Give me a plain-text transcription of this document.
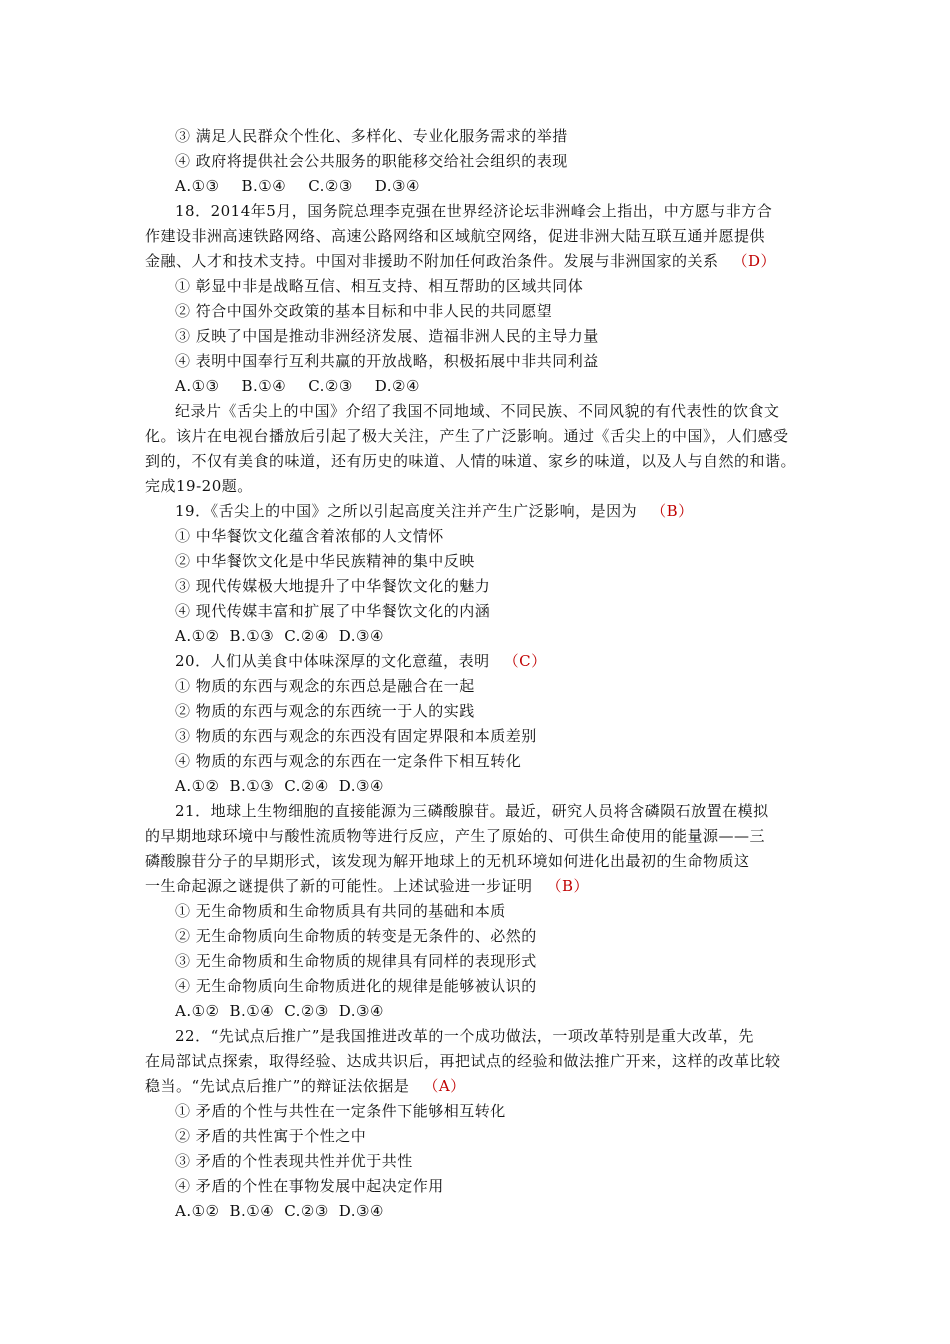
③ 满足人民群众个性化、多样化、专业化服务需求的举措
④ 政府将提供社会公共服务的职能移交给社会组织的表现
A.①③ B.①④ C.②③ D.③④
18．2014年5月，国务院总理李克强在世界经济论坛非洲峰会上指出，中方愿与非方合
作建设非洲高速铁路网络、高速公路网络和区域航空网络，促进非洲大陆互联互通并愿提供
金融、人才和技术支持。中国对非援助不附加任何政治条件。发展与非洲国家的关系 （D）
① 彰显中非是战略互信、相互支持、相互帮助的区域共同体
② 符合中国外交政策的基本目标和中非人民的共同愿望
③ 反映了中国是推动非洲经济发展、造福非洲人民的主导力量
④ 表明中国奉行互利共赢的开放战略，积极拓展中非共同利益
A.①③ B.①④ C.②③ D.②④
纪录片《舌尖上的中国》介绍了我国不同地域、不同民族、不同风貌的有代表性的饮食文
化。该片在电视台播放后引起了极大关注，产生了广泛影响。通过《舌尖上的中国》，人们感受
到的，不仅有美食的味道，还有历史的味道、人情的味道、家乡的味道，以及人与自然的和谐。
完成19-20题。
19．《舌尖上的中国》之所以引起高度关注并产生广泛影响，是因为 （B）
① 中华餐饮文化蕴含着浓郁的人文情怀
② 中华餐饮文化是中华民族精神的集中反映
③ 现代传媒极大地提升了中华餐饮文化的魅力
④ 现代传媒丰富和扩展了中华餐饮文化的内涵
A.①② B.①③ C.②④ D.③④
20．人们从美食中体味深厚的文化意蕴，表明 （C）
① 物质的东西与观念的东西总是融合在一起
② 物质的东西与观念的东西统一于人的实践
③ 物质的东西与观念的东西没有固定界限和本质差别
④ 物质的东西与观念的东西在一定条件下相互转化
A.①② B.①③ C.②④ D.③④
21．地球上生物细胞的直接能源为三磷酸腺苷。最近，研究人员将含磷陨石放置在模拟
的早期地球环境中与酸性流质物等进行反应，产生了原始的、可供生命使用的能量源——三
磷酸腺苷分子的早期形式，该发现为解开地球上的无机环境如何进化出最初的生命物质这
一生命起源之谜提供了新的可能性。上述试验进一步证明 （B）
① 无生命物质和生命物质具有共同的基础和本质
② 无生命物质向生命物质的转变是无条件的、必然的
③ 无生命物质和生命物质的规律具有同样的表现形式
④ 无生命物质向生命物质进化的规律是能够被认识的
A.①② B.①④ C.②③ D.③④
22．“先试点后推广”是我国推进改革的一个成功做法，一项改革特别是重大改革，先
在局部试点探索，取得经验、达成共识后，再把试点的经验和做法推广开来，这样的改革比较
稳当。“先试点后推广”的辩证法依据是 （A）
① 矛盾的个性与共性在一定条件下能够相互转化
② 矛盾的共性寓于个性之中
③ 矛盾的个性表现共性并优于共性
④ 矛盾的个性在事物发展中起决定作用
A.①② B.①④ C.②③ D.③④
